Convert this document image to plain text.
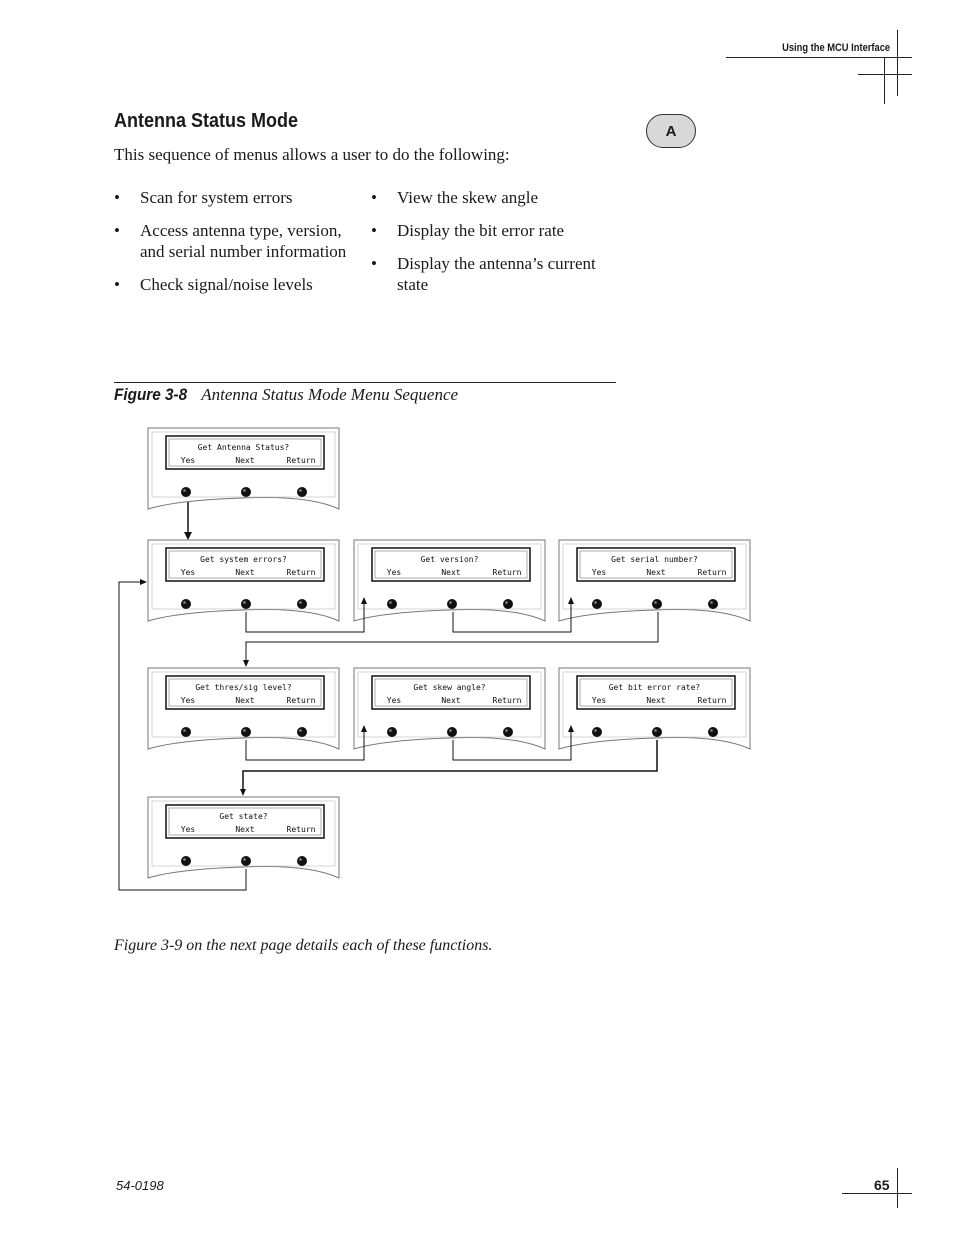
Using the MCU Interface
Antenna Status Mode	A
This sequence of menus allows a user to do the following:
• Scan for system errors
• Access antenna type, version, and serial number information
• Check signal/noise levels
• View the skew angle
• Display the bit error rate
• Display the antenna’s current state
Figure 3-8 Antenna Status Mode Menu Sequence
Get Antenna Status?
Yes	Next	Return
Get system errors?
Yes	Next	Return
Get version?
Yes	Next	Return
Get serial number?
Yes	Next	Return
Get thres/sig level?
Yes	Next	Return
Get skew angle?
Yes	Next	Return
Get bit error rate?
Yes	Next	Return
Get state?
Yes	Next	Return
Figure 3-9 on the next page details each of these functions.
54-0198	65
